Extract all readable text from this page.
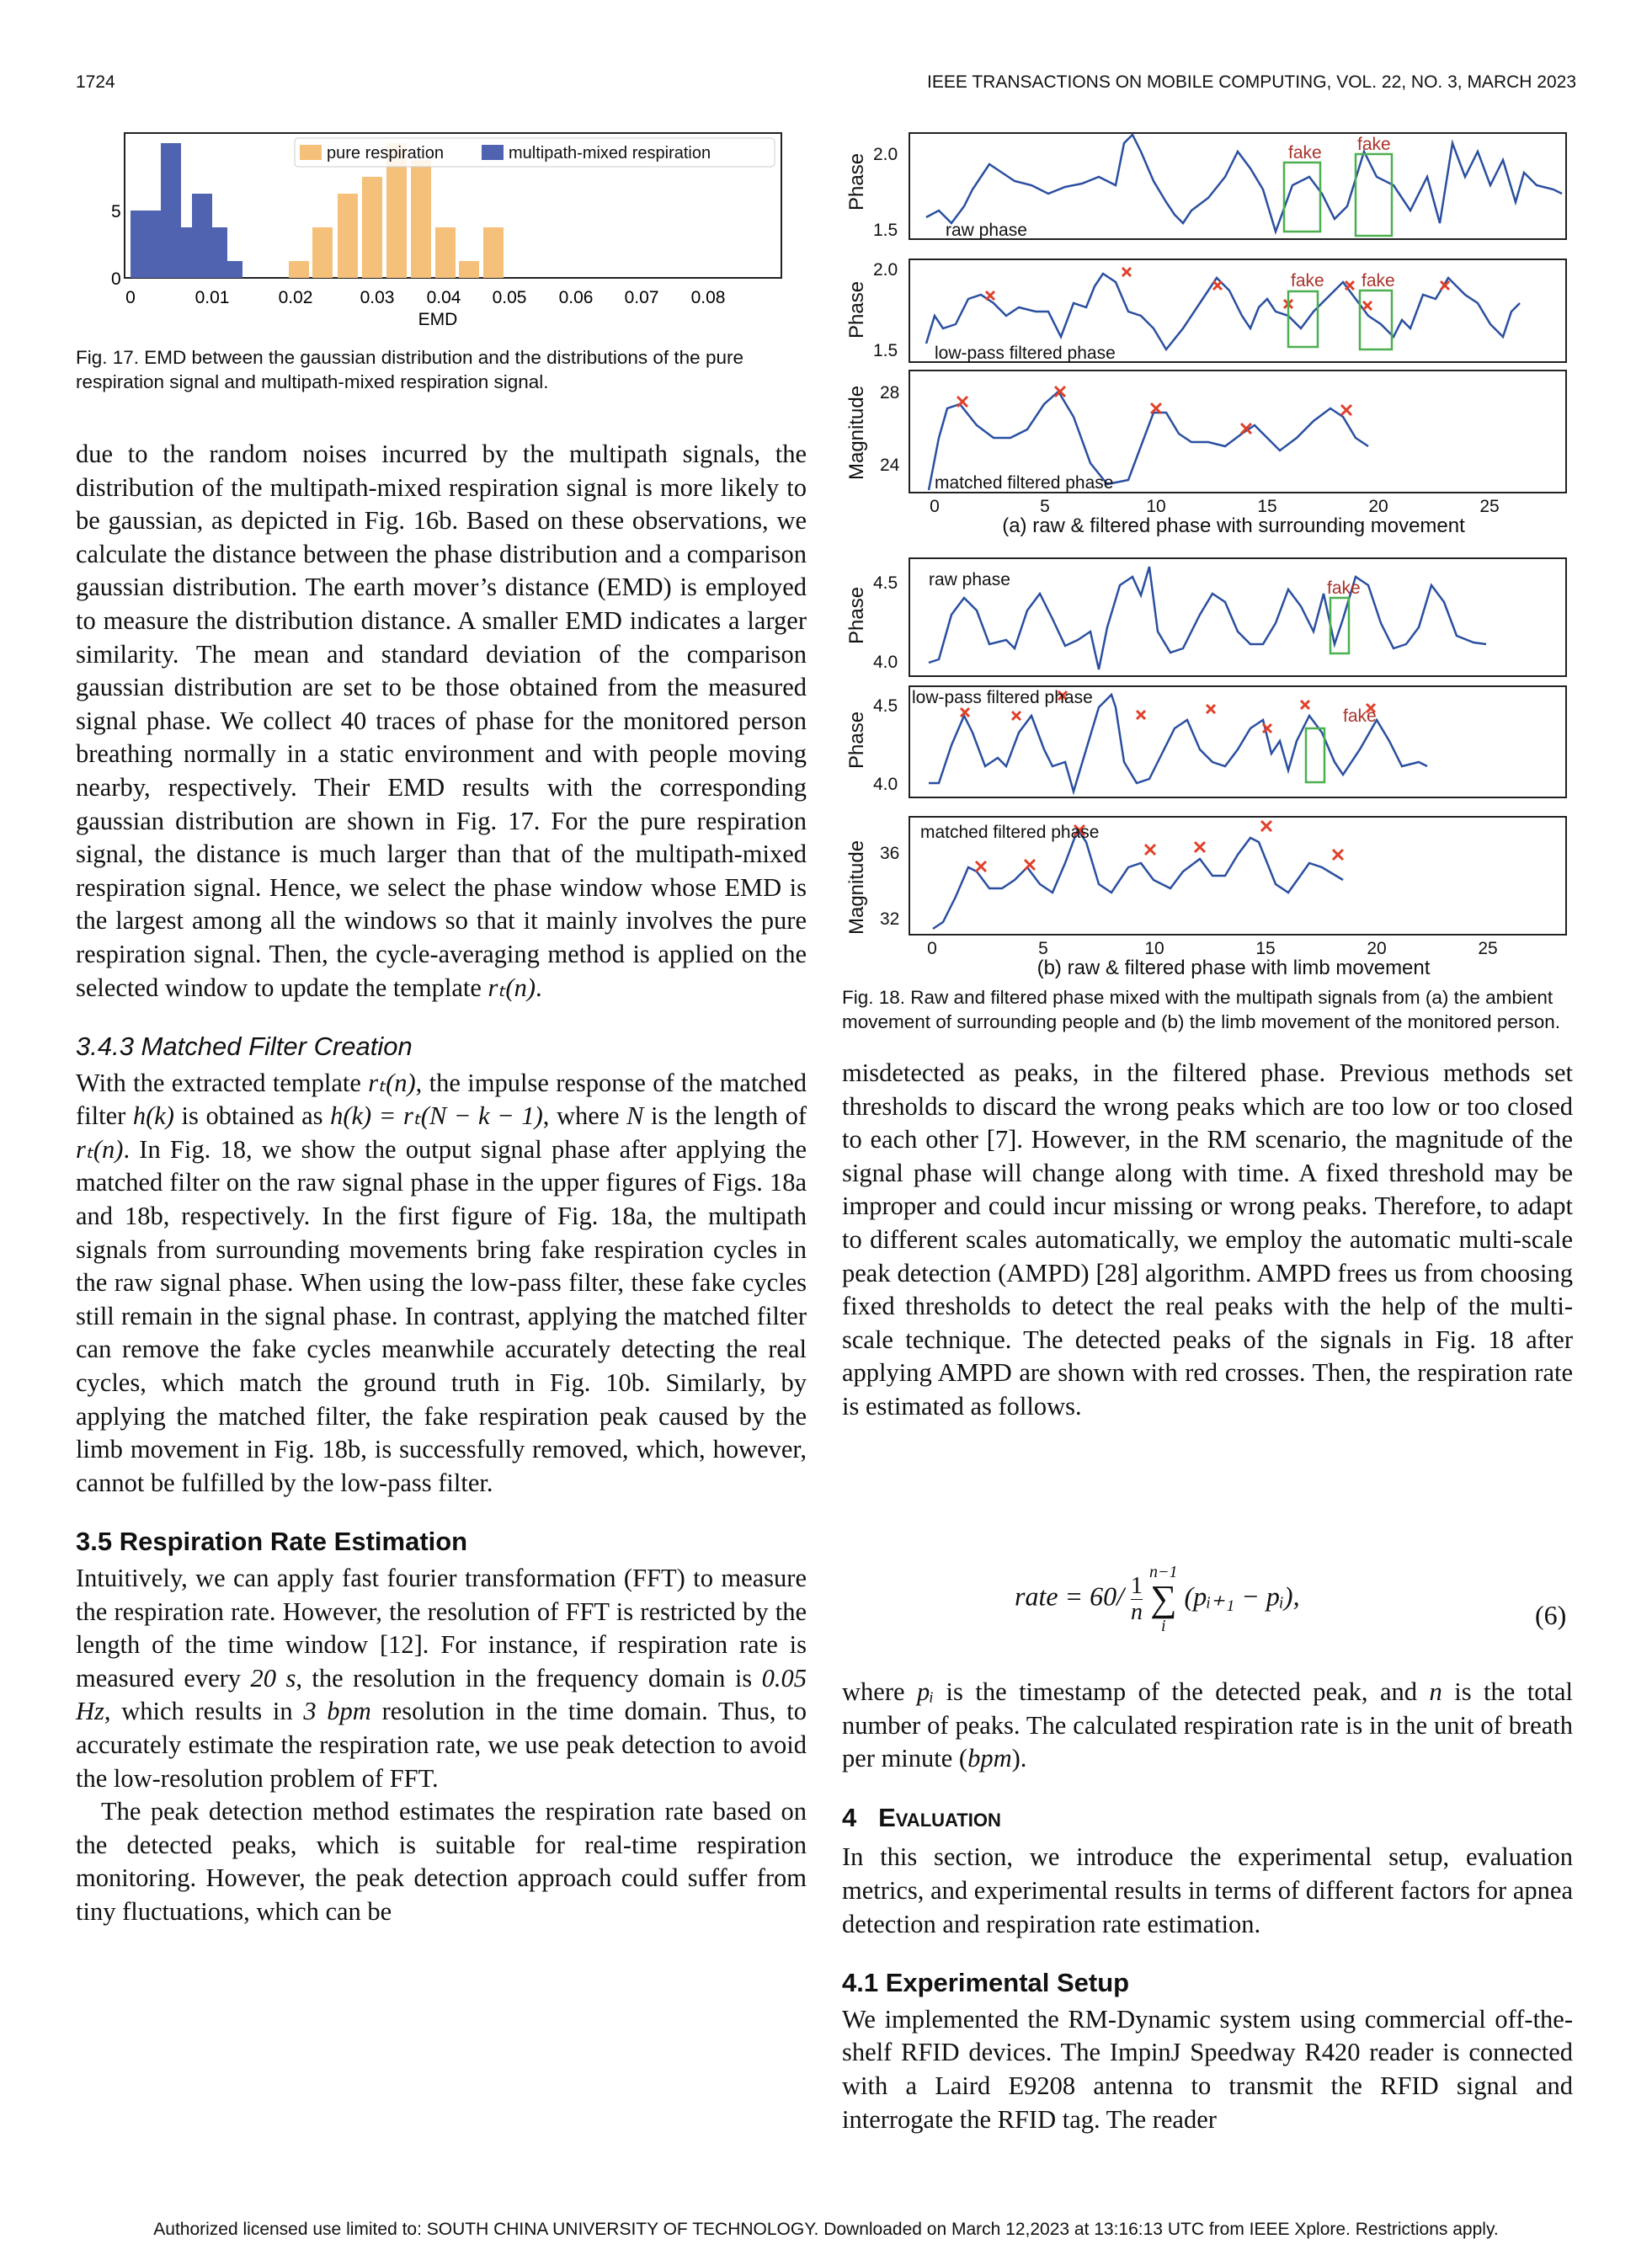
1724	IEEE TRANSACTIONS ON MOBILE COMPUTING, VOL. 22, NO. 3, MARCH 2023
pure respiration	multipath-mixed respiration
5
0
0	0.01	0.02	0.03 0.04 0.05 0.06 0.07 0.08
EMD
Fig. 17. EMD between the gaussian distribution and the distributions of the pure respiration signal and multipath-mixed respiration signal.
Phase 2.0
1.5
fake fake
raw phase
Phase
2.0
1.5
fake fake
low-pass filtered phase
Magnitude 28
24
matched filtered phase
0	5	10	15	20	25
(a) raw & filtered phase with surrounding movement
Phase
4.5
4.0
fake
raw phase
Phase
4.5
4.0
fake
low-pass filtered phase
Magnitude 36
32
matched filtered phase
0	5	10	15	20	25
(b) raw & filtered phase with limb movement
Fig. 18. Raw and filtered phase mixed with the multipath signals from (a) the ambient movement of surrounding people and (b) the limb movement of the monitored person.

due to the random noises incurred by the multipath signals, the distribution of the multipath-mixed respiration signal is more likely to be gaussian, as depicted in Fig. 16b. Based on these observations, we calculate the distance between the phase distribution and a comparison gaussian distribution. The earth mover’s distance (EMD) is employed to measure the distribution distance. A smaller EMD indicates a larger similarity. The mean and standard deviation of the comparison gaussian distribution are set to be those obtained from the measured signal phase. We collect 40 traces of phase for the monitored person breathing normally in a static environment and with people moving nearby, respectively. Their EMD results with the corresponding gaussian distribution are shown in Fig. 17. For the pure respiration signal, the distance is much larger than that of the multipath-mixed respiration signal. Hence, we select the phase window whose EMD is the largest among all the windows so that it mainly involves the pure respiration signal. Then, the cycle-averaging method is applied on the selected window to update the template rₜ(n).

3.4.3 Matched Filter Creation

With the extracted template rₜ(n), the impulse response of the matched filter h(k) is obtained as h(k) = rₜ(N − k − 1), where N is the length of rₜ(n). In Fig. 18, we show the output signal phase after applying the matched filter on the raw signal phase in the upper figures of Figs. 18a and 18b, respectively. In the first figure of Fig. 18a, the multipath signals from surrounding movements bring fake respiration cycles in the raw signal phase. When using the low-pass filter, these fake cycles still remain in the signal phase. In contrast, applying the matched filter can remove the fake cycles meanwhile accurately detecting the real cycles, which match the ground truth in Fig. 10b. Similarly, by applying the matched filter, the fake respiration peak caused by the limb movement in Fig. 18b, is successfully removed, which, however, cannot be fulfilled by the low-pass filter.

3.5 Respiration Rate Estimation

Intuitively, we can apply fast fourier transformation (FFT) to measure the respiration rate. However, the resolution of FFT is restricted by the length of the time window [12]. For instance, if respiration rate is measured every 20 s, the resolution in the frequency domain is 0.05 Hz, which results in 3 bpm resolution in the time domain. Thus, to accurately estimate the respiration rate, we use peak detection to avoid the low-resolution problem of FFT.

The peak detection method estimates the respiration rate based on the detected peaks, which is suitable for real-time respiration monitoring. However, the peak detection approach could suffer from tiny fluctuations, which can be

misdetected as peaks, in the filtered phase. Previous methods set thresholds to discard the wrong peaks which are too low or too closed to each other [7]. However, in the RM scenario, the magnitude of the signal phase will change along with time. A fixed threshold may be improper and could incur missing or wrong peaks. Therefore, to adapt to different scales automatically, we employ the automatic multi-scale peak detection (AMPD) [28] algorithm. AMPD frees us from choosing fixed thresholds to detect the real peaks with the help of the multi-scale technique. The detected peaks of the signals in Fig. 18 after applying AMPD are shown with red crosses. Then, the respiration rate is estimated as follows.

rate = $60/ \frac{1}{n}$

n−1
∑
i
(pᵢ₊₁ − pᵢ),
(6)

where pᵢ is the timestamp of the detected peak, and n is the total number of peaks. The calculated respiration rate is in the unit of breath per minute (bpm).

4 Evaluation

In this section, we introduce the experimental setup, evaluation metrics, and experimental results in terms of different factors for apnea detection and respiration rate estimation.

4.1 Experimental Setup

We implemented the RM-Dynamic system using commercial off-the-shelf RFID devices. The ImpinJ Speedway R420 reader is connected with a Laird E9208 antenna to transmit the RFID signal and interrogate the RFID tag. The reader

Authorized licensed use limited to: SOUTH CHINA UNIVERSITY OF TECHNOLOGY. Downloaded on March 12,2023 at 13:16:13 UTC from IEEE Xplore. Restrictions apply.
